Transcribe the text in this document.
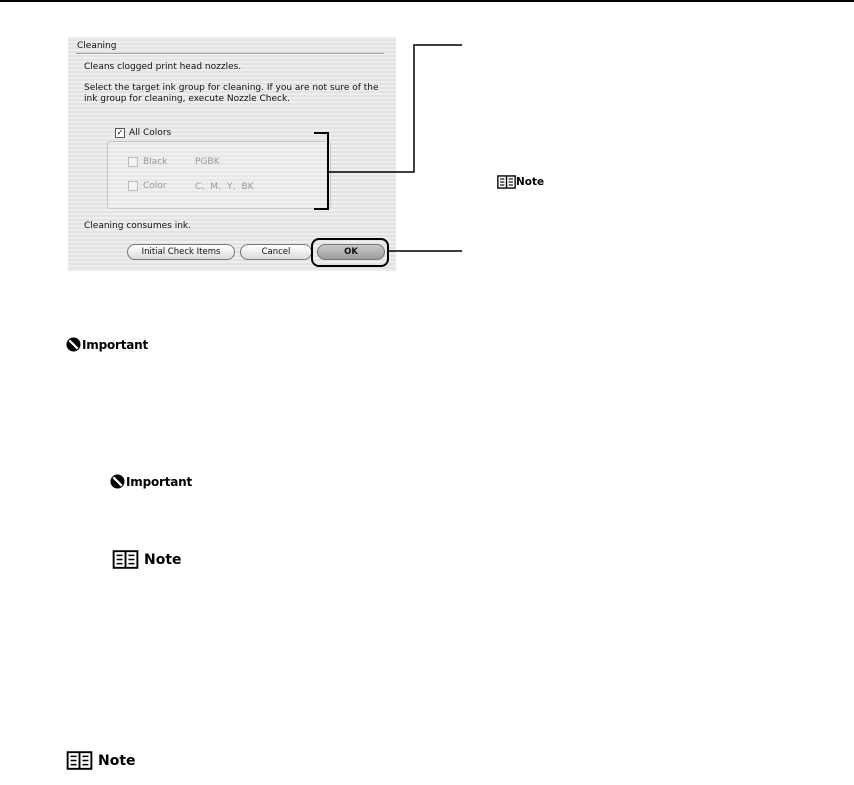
Cleaning
Cleans clogged print head nozzles.
Select the target ink group for cleaning. If you are not sure of the ink group for cleaning, execute Nozzle Check.
✓ All Colors
Black	PGBK
Color	C、M、Y、BK
Cleaning consumes ink.
Initial Check Items	Cancel	OK
Note
Important
Important
Note
Note
